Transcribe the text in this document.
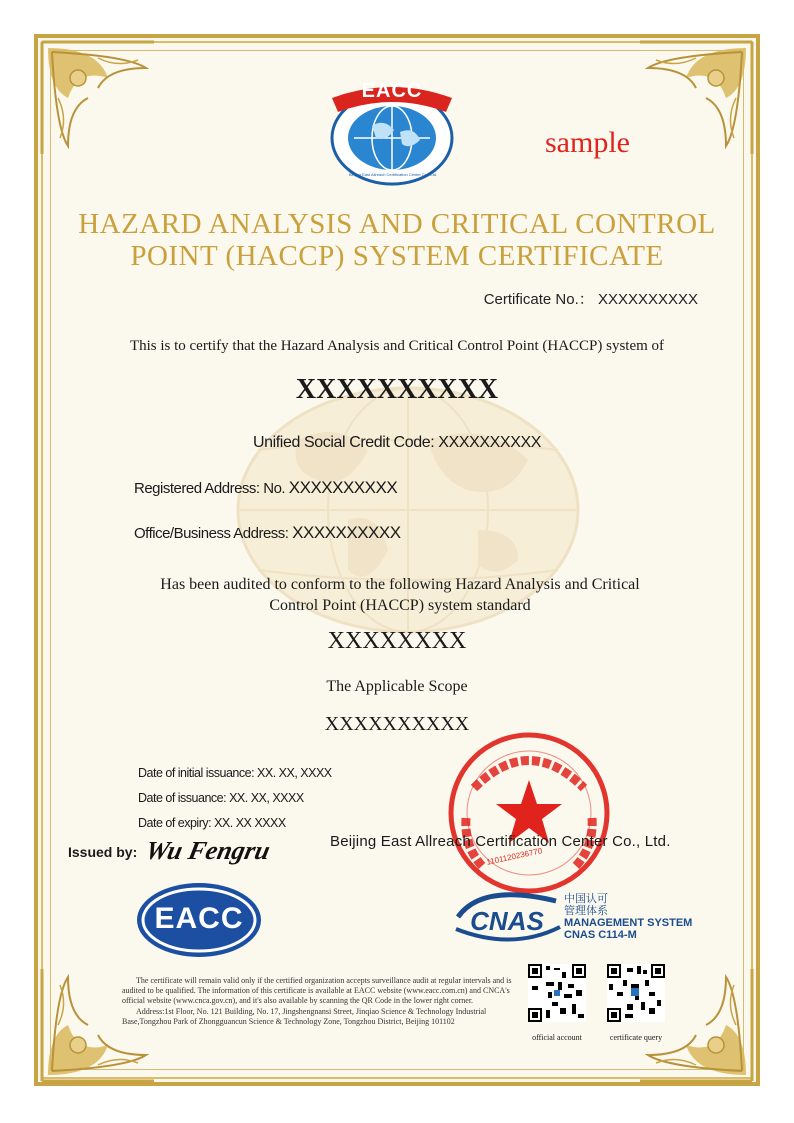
EACC
Beijing East Allreach Certification Center Co., Ltd.
sample
HAZARD ANALYSIS AND CRITICAL CONTROL
POINT (HACCP) SYSTEM CERTIFICATE
Certificate No.： XXXXXXXXXX
This is to certify that the Hazard Analysis and Critical Control Point (HACCP) system of
XXXXXXXXXX
Unified Social Credit Code: XXXXXXXXXX
Registered Address: No. XXXXXXXXXX
Office/Business Address: XXXXXXXXXX
Has been audited to conform to the following Hazard Analysis and Critical
Control Point (HACCP) system standard
XXXXXXXX
The Applicable Scope
XXXXXXXXXX
Date of initial issuance: XX. XX, XXXX
Date of issuance: XX. XX, XXXX
Date of expiry: XX. XX XXXX
Issued by: Wu Fengru	1101120236770
Beijing East Allreach Certification Center Co., Ltd.
EACC	CNAS
中国认可
管理体系
MANAGEMENT SYSTEM
CNAS C114-M

The certificate will remain valid only if the certified organization accepts surveillance audit at regular intervals and is audited to be qualified. The information of this certificate is available at EACC website (www.eacc.com.cn) and CNCA's official website (www.cnca.gov.cn), and it's also available by scanning the QR Code in the lower right corner.

Address:1st Floor, No. 121 Building, No. 17, Jingshengnansi Street, Jinqiao Science & Technology Industrial Base,Tongzhou Park of Zhongguancun Science & Technology Zone, Tongzhou District, Beijing 101102

official account	certificate query
